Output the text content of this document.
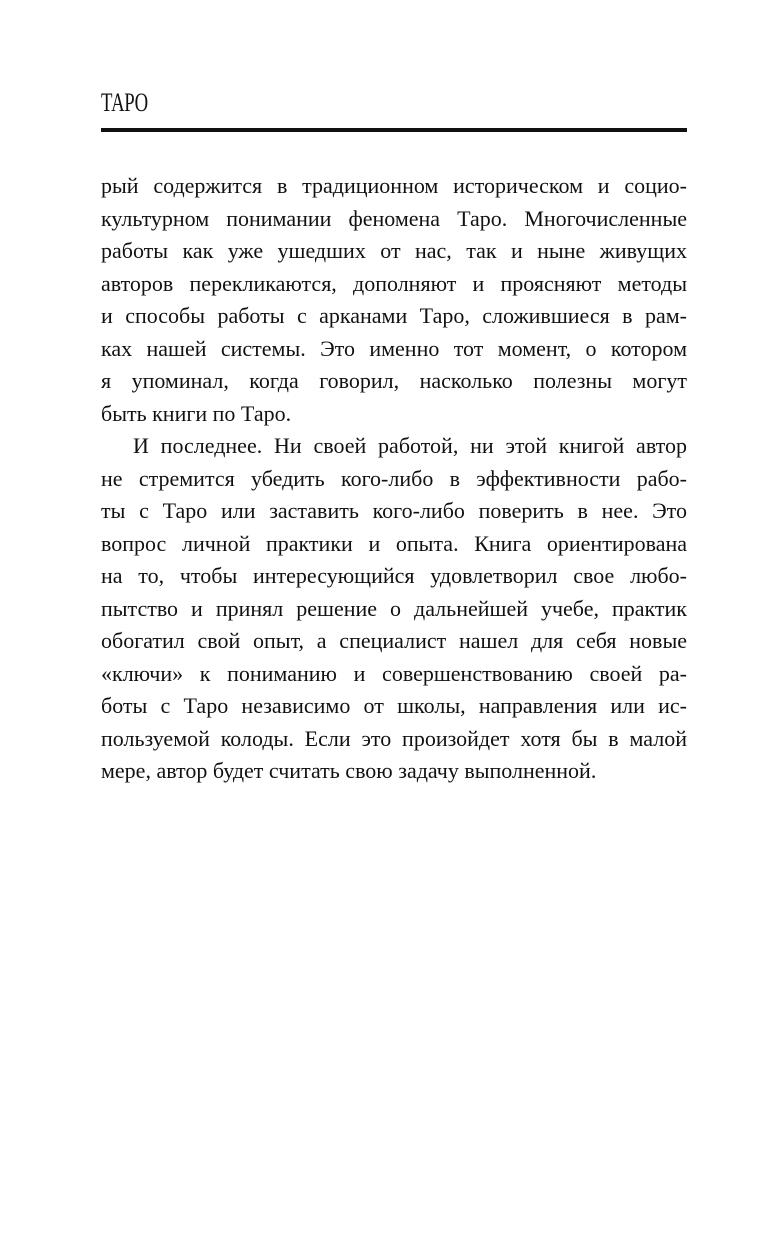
ТАРО
рый содержится в традиционном историческом и социо-
культурном понимании феномена Таро. Многочисленные
работы как уже ушедших от нас, так и ныне живущих
авторов перекликаются, дополняют и проясняют методы
и способы работы с арканами Таро, сложившиеся в рам-
ках нашей системы. Это именно тот момент, о котором
я упоминал, когда говорил, насколько полезны могут
быть книги по Таро.
И последнее. Ни своей работой, ни этой книгой автор
не стремится убедить кого-либо в эффективности рабо-
ты с Таро или заставить кого-либо поверить в нее. Это
вопрос личной практики и опыта. Книга ориентирована
на то, чтобы интересующийся удовлетворил свое любо-
пытство и принял решение о дальнейшей учебе, практик
обогатил свой опыт, а специалист нашел для себя новые
«ключи» к пониманию и совершенствованию своей ра-
боты с Таро независимо от школы, направления или ис-
пользуемой колоды. Если это произойдет хотя бы в малой
мере, автор будет считать свою задачу выполненной.
